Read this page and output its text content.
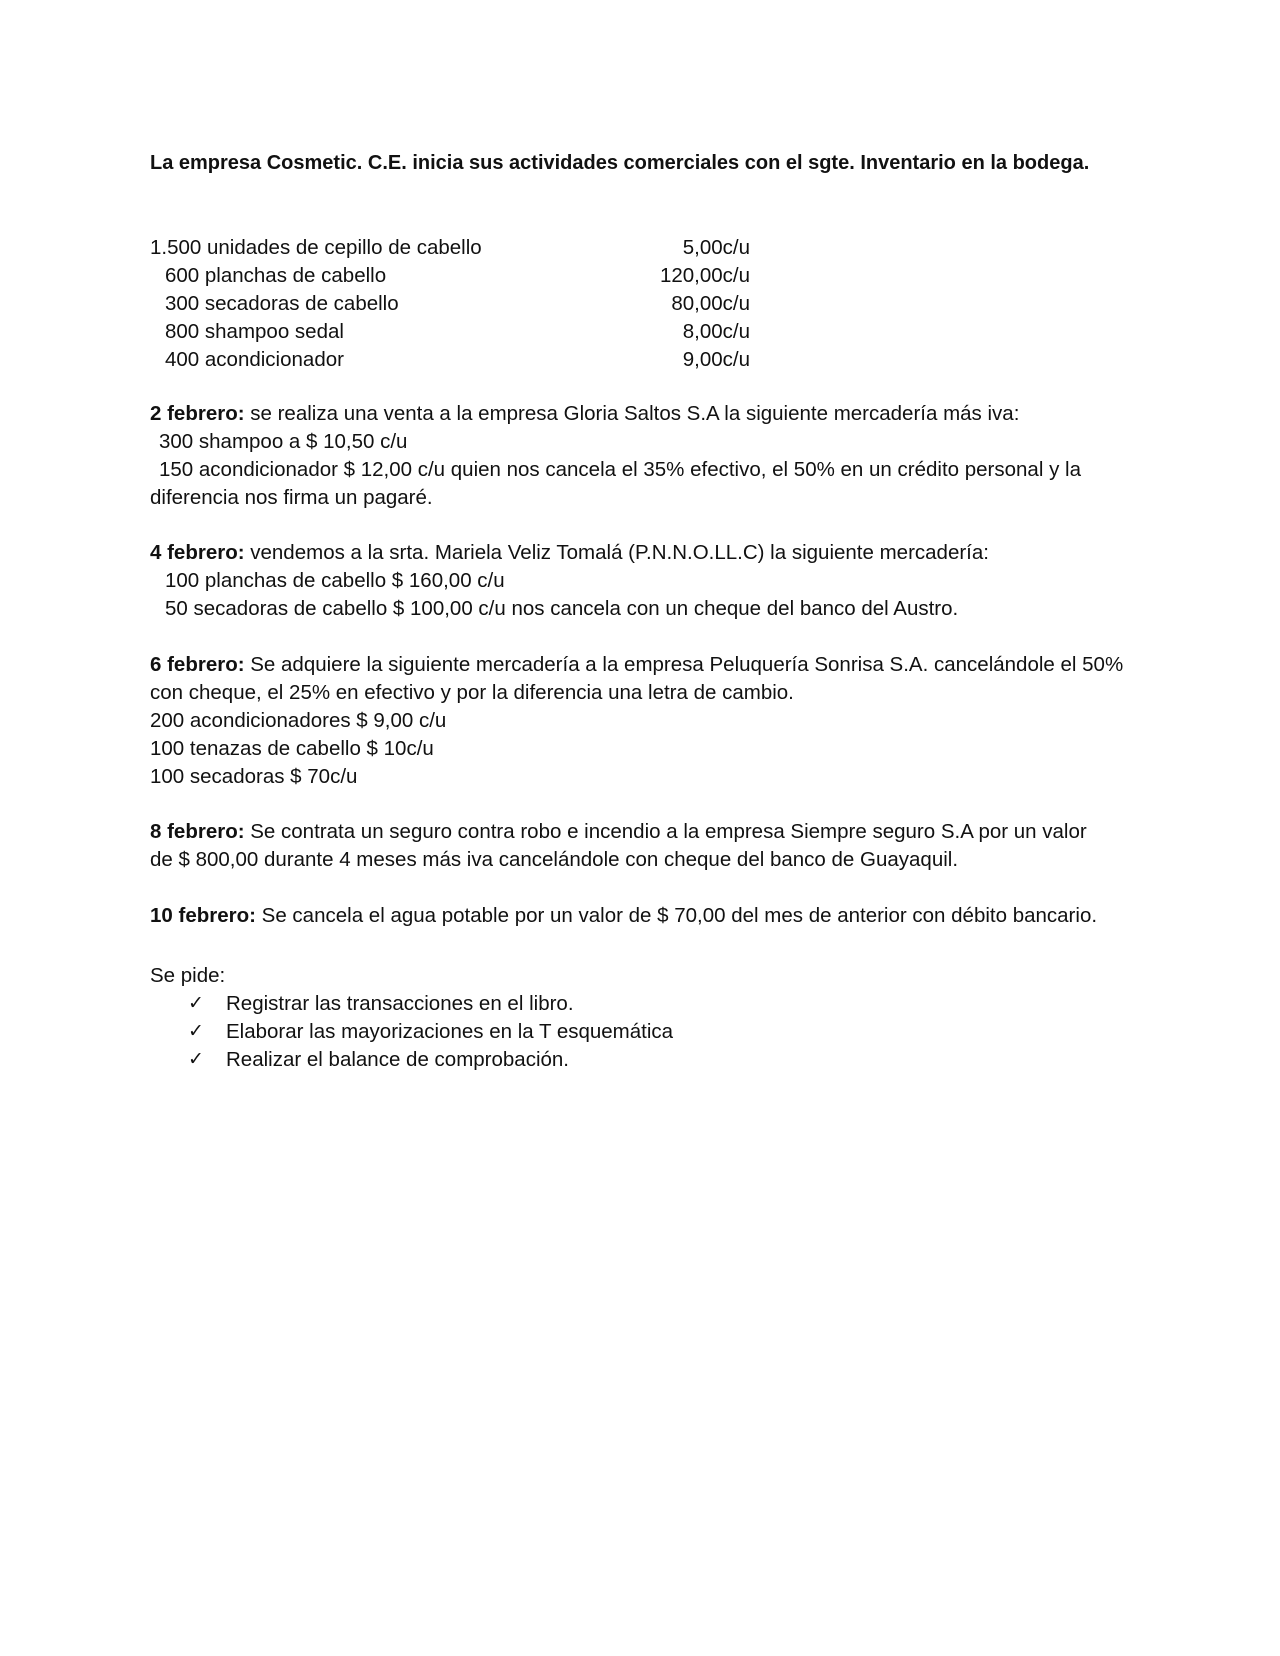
La empresa Cosmetic. C.E. inicia sus actividades comerciales con el sgte. Inventario en la bodega.
1.500 unidades de cepillo de cabello	5,00c/u
600 planchas de cabello	120,00c/u
300 secadoras de cabello	80,00c/u
800 shampoo sedal	8,00c/u
400 acondicionador	9,00c/u

2 febrero: se realiza una venta a la empresa Gloria Saltos S.A la siguiente mercadería más iva:

300 shampoo a $ 10,50 c/u

150 acondicionador $ 12,00 c/u quien nos cancela el 35% efectivo, el 50% en un crédito personal y la

diferencia nos firma un pagaré.

4 febrero: vendemos a la srta. Mariela Veliz Tomalá (P.N.N.O.LL.C) la siguiente mercadería:

100 planchas de cabello $ 160,00 c/u

50 secadoras de cabello $ 100,00 c/u nos cancela con un cheque del banco del Austro.

6 febrero: Se adquiere la siguiente mercadería a la empresa Peluquería Sonrisa S.A. cancelándole el 50%

con cheque, el 25% en efectivo y por la diferencia una letra de cambio.

200 acondicionadores $ 9,00 c/u

100 tenazas de cabello $ 10c/u

100 secadoras $ 70c/u

8 febrero: Se contrata un seguro contra robo e incendio a la empresa Siempre seguro S.A por un valor

de $ 800,00 durante 4 meses más iva cancelándole con cheque del banco de Guayaquil.

10 febrero: Se cancela el agua potable por un valor de $ 70,00 del mes de anterior con débito bancario.

Se pide:

✓ Registrar las transacciones en el libro.
✓ Elaborar las mayorizaciones en la T esquemática
✓ Realizar el balance de comprobación.
